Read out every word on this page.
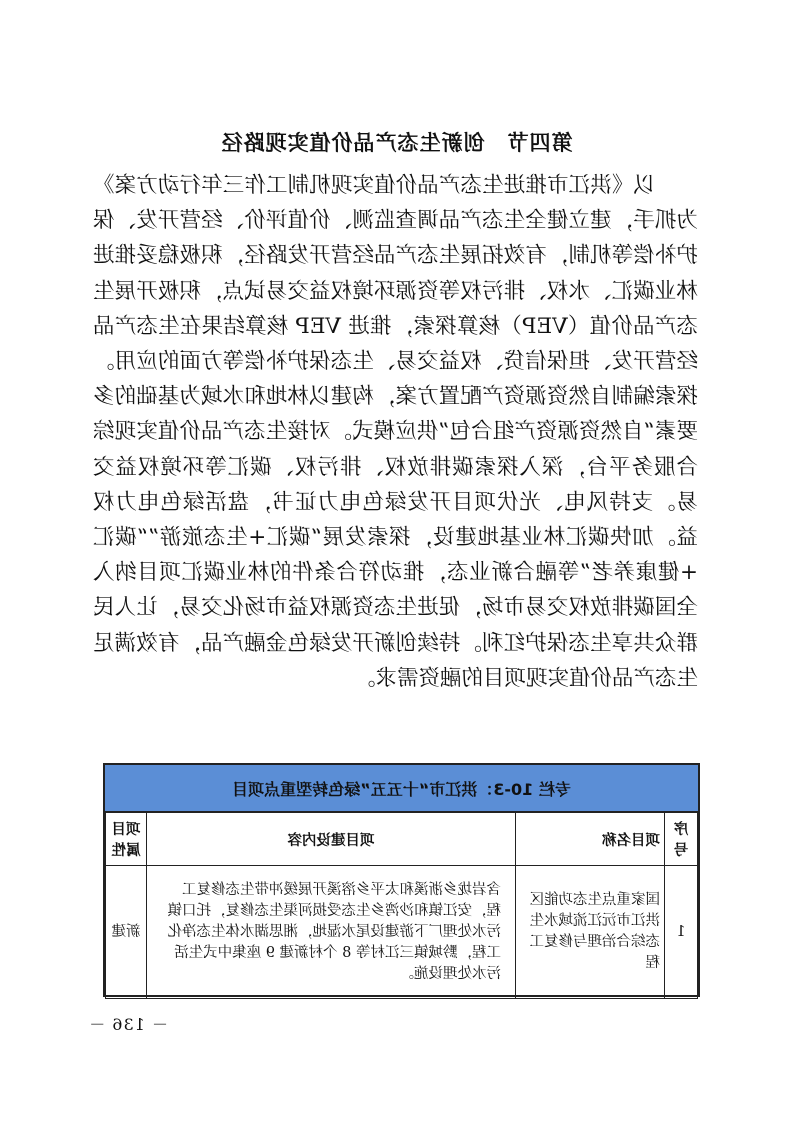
第四节　创新生态产品价值实现路径

以《洪江市推进生态产品价值实现机制工作三年行动方案》为抓手，建立健全生态产品调查监测、价值评价、经营开发、保护补偿等机制，有效拓展生态产品经营开发路径，积极稳妥推进林业碳汇、水权、排污权等资源环境权益交易试点，积极开展生态产品价值（VEP）核算探索，推进 VEP 核算结果在生态产品经营开发、担保信贷、权益交易、生态保护补偿等方面的应用。探索编制自然资源资产配置方案，构建以林地和水域为基础的多要素“自然资源资产组合包”供应模式。对接生态产品价值实现综合服务平台，深入探索碳排放权、排污权、碳汇等环境权益交易。支持风电、光伏项目开发绿色电力证书，盘活绿色电力权益。加快碳汇林业基地建设，探索发展“碳汇+生态旅游”“碳汇+健康养老”等融合新业态，推动符合条件的林业碳汇项目纳入全国碳排放权交易市场，促进生态资源权益市场化交易，让人民群众共享生态保护红利。持续创新开发绿色金融产品，有效满足生态产品价值实现项目的融资需求。

专栏 10-3：洪江市“十五五”绿色转型重点项目
序号	项目名称	项目建设内容	项目属性
1	国家重点生态功能区洪江市沅江流域水生态综合治理与修复工程	含岩垅乡浙溪和太平乡溶溪开展缓冲带生态修复工程，安江镇和沙湾乡生态受损河渠生态修复，托口镇污水处理厂下游建设尾水湿地，湘思湖水体生态净化工程，黔城镇三江村等 8 个村新建 9 座集中式生活污水处理设施。	新建
－ 136 －
